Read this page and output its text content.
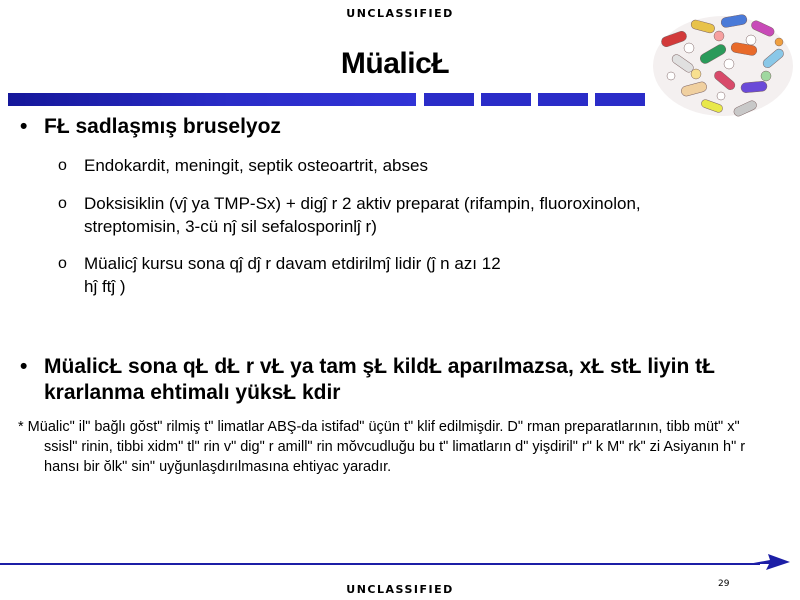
UNCLASSIFIED
MüalicŁ
• FŁ sadlaşmış bruselyoz
o Endokardit, meningit, septik osteoartrit, abses
o Doksisiklin (vĵ ya TMP-Sx) + digĵ r 2 aktiv preparat (rifampin, fluoroxinolon, streptomisin, 3-cü nĵ sil sefalosporinlĵ r)
o Müalicĵ kursu sona qĵ dĵ r davam etdirilmĵ lidir (ĵ n azı 12 hĵ ftĵ )
• MüalicŁ sona qŁ dŁ r vŁ ya tam şŁ kildŁ aparılmazsa, xŁ stŁ liyin tŁ krarlanma ehtimalı yüksŁ kdir
* Müalicʺ ilʺ bağlı gŏstʺ rilmiş tʺ limatlar ABŞ-da istifadʺ üçün tʺ klif edilmişdir. Dʺ rman preparatlarının, tibb mütʺ xʺ ssislʺ rinin, tibbi xidmʺ tlʺ rin vʺ digʺ r amillʺ rin mŏvcudluğu bu tʺ limatların dʺ yişdirilʺ rʺ k Mʺ rkʺ zi Asiyanın hʺ r hansı bir ŏlkʺ sinʺ uyğunlaşdırılmasına ehtiyac yaradır.
29
UNCLASSIFIED
